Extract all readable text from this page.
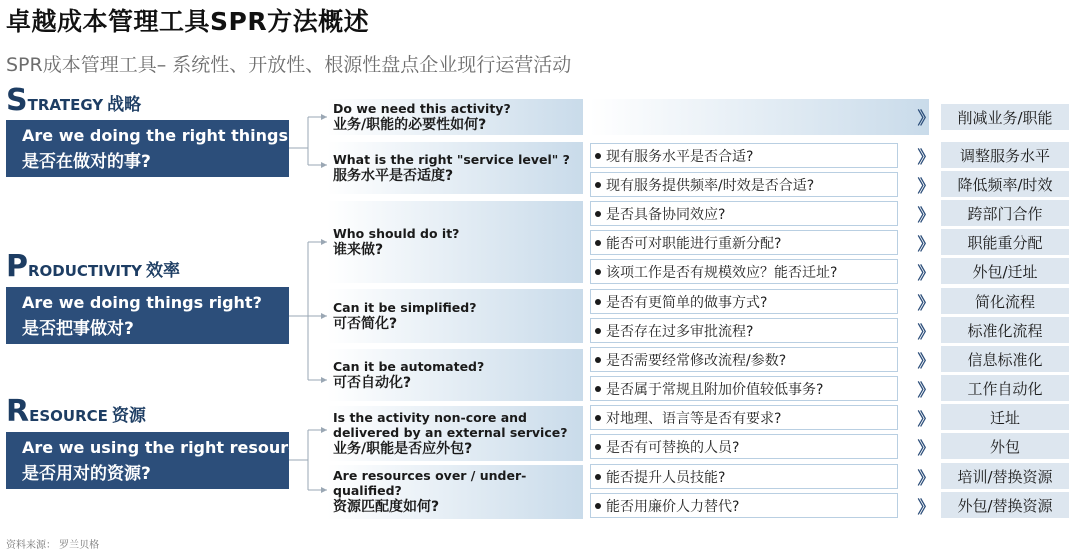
卓越成本管理工具SPR方法概述
SPR成本管理工具– 系统性、开放性、根源性盘点企业现行运营活动
STRATEGY 战略
Are we doing the right things?
是否在做对的事?
PRODUCTIVITY 效率
Are we doing things right?
是否把事做对?
RESOURCE 资源
Are we using the right resources?
是否用对的资源?
Do we need this activity?
业务/职能的必要性如何?
What is the right "service level" ?
服务水平是否适度?
Who should do it?
谁来做?
Can it be simplified?
可否简化?
Can it be automated?
可否自动化?
Is the activity non-core and delivered by an external service?
业务/职能是否应外包?
Are resources over / under-qualified?
资源匹配度如何?
现有服务水平是否合适?
现有服务提供频率/时效是否合适?
是否具备协同效应?
能否可对职能进行重新分配?
该项工作是否有规模效应？能否迁址?
是否有更简单的做事方式?
是否存在过多审批流程?
是否需要经常修改流程/参数?
是否属于常规且附加价值较低事务?
对地理、语言等是否有要求?
是否有可替换的人员?
能否提升人员技能?
能否用廉价人力替代?
》
》
》
》
》
》
》
》
》
》
》
》
》
》
削减业务/职能
调整服务水平
降低频率/时效
跨部门合作
职能重分配
外包/迁址
简化流程
标准化流程
信息标准化
工作自动化
迁址
外包
培训/替换资源
外包/替换资源
资料来源： 罗兰贝格
